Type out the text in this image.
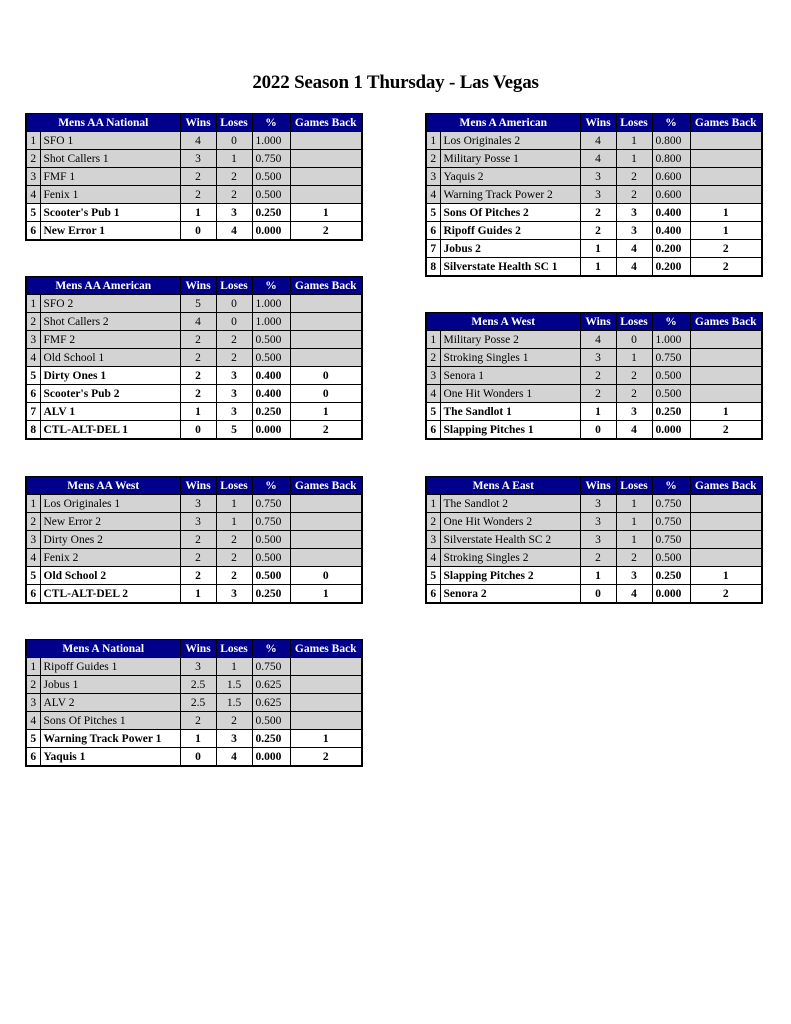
2022 Season 1 Thursday - Las Vegas
Mens AA National		Wins	Loses	%	Games Back
1	SFO 1	4	0	1.000	
2	Shot Callers 1	3	1	0.750	
3	FMF 1	2	2	0.500	
4	Fenix 1	2	2	0.500	
5	Scooter's Pub 1	1	3	0.250	1
6	New Error 1	0	4	0.000	2
Mens A American		Wins	Loses	%	Games Back
1	Los Originales 2	4	1	0.800	
2	Military Posse 1	4	1	0.800	
3	Yaquis 2	3	2	0.600	
4	Warning Track Power 2	3	2	0.600	
5	Sons Of Pitches 2	2	3	0.400	1
6	Ripoff Guides 2	2	3	0.400	1
7	Jobus 2	1	4	0.200	2
8	Silverstate Health SC 1	1	4	0.200	2
Mens AA American		Wins	Loses	%	Games Back
1	SFO 2	5	0	1.000	
2	Shot Callers 2	4	0	1.000	
3	FMF 2	2	2	0.500	
4	Old School 1	2	2	0.500	
5	Dirty Ones 1	2	3	0.400	0
6	Scooter's Pub 2	2	3	0.400	0
7	ALV 1	1	3	0.250	1
8	CTL-ALT-DEL 1	0	5	0.000	2
Mens A West		Wins	Loses	%	Games Back
1	Military Posse 2	4	0	1.000	
2	Stroking Singles 1	3	1	0.750	
3	Senora 1	2	2	0.500	
4	One Hit Wonders 1	2	2	0.500	
5	The Sandlot 1	1	3	0.250	1
6	Slapping Pitches 1	0	4	0.000	2
Mens AA West		Wins	Loses	%	Games Back
1	Los Originales 1	3	1	0.750	
2	New Error 2	3	1	0.750	
3	Dirty Ones 2	2	2	0.500	
4	Fenix 2	2	2	0.500	
5	Old School 2	2	2	0.500	0
6	CTL-ALT-DEL 2	1	3	0.250	1
Mens A East		Wins	Loses	%	Games Back
1	The Sandlot 2	3	1	0.750	
2	One Hit Wonders 2	3	1	0.750	
3	Silverstate Health SC 2	3	1	0.750	
4	Stroking Singles 2	2	2	0.500	
5	Slapping Pitches 2	1	3	0.250	1
6	Senora 2	0	4	0.000	2
Mens A National		Wins	Loses	%	Games Back
1	Ripoff Guides 1	3	1	0.750	
2	Jobus 1	2.5	1.5	0.625	
3	ALV 2	2.5	1.5	0.625	
4	Sons Of Pitches 1	2	2	0.500	
5	Warning Track Power 1	1	3	0.250	1
6	Yaquis 1	0	4	0.000	2
